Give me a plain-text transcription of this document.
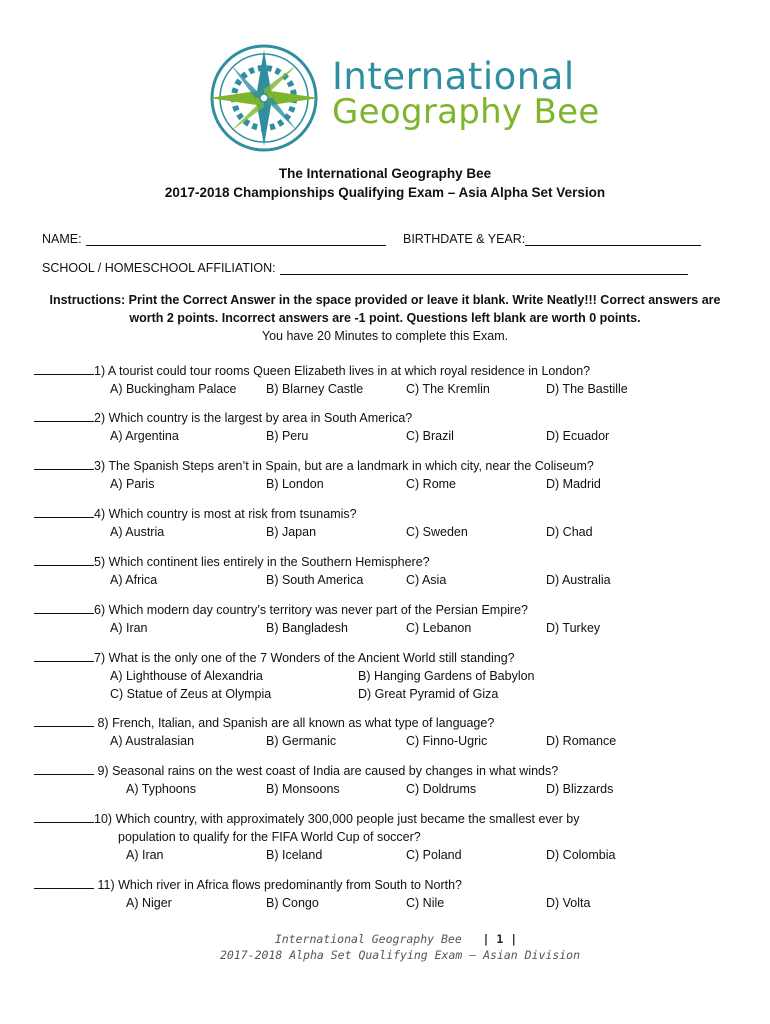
International
Geography Bee
The International Geography Bee
2017-2018 Championships Qualifying Exam – Asia Alpha Set Version
NAME:	BIRTHDATE & YEAR:
SCHOOL / HOMESCHOOL AFFILIATION:
Instructions: Print the Correct Answer in the space provided or leave it blank. Write Neatly!!! Correct answers are worth 2 points. Incorrect answers are -1 point. Questions left blank are worth 0 points.
You have 20 Minutes to complete this Exam.
1) A tourist could tour rooms Queen Elizabeth lives in at which royal residence in London?
A) Buckingham Palace B) Blarney Castle	C) The Kremlin	D) The Bastille
2) Which country is the largest by area in South America?
A) Argentina	B) Peru	C) Brazil	D) Ecuador
3) The Spanish Steps aren’t in Spain, but are a landmark in which city, near the Coliseum?
A) Paris	B) London	C) Rome	D) Madrid
4) Which country is most at risk from tsunamis?
A) Austria	B) Japan	C) Sweden	D) Chad
5) Which continent lies entirely in the Southern Hemisphere?
A) Africa	B) South America	C) Asia	D) Australia
6) Which modern day country’s territory was never part of the Persian Empire?
A) Iran	B) Bangladesh	C) Lebanon	D) Turkey
7) What is the only one of the 7 Wonders of the Ancient World still standing?
A) Lighthouse of Alexandria	B) Hanging Gardens of Babylon
C) Statue of Zeus at Olympia	D) Great Pyramid of Giza
8) French, Italian, and Spanish are all known as what type of language?
A) Australasian	B) Germanic	C) Finno-Ugric	D) Romance
9) Seasonal rains on the west coast of India are caused by changes in what winds?
A) Typhoons	B) Monsoons	C) Doldrums	D) Blizzards
10) Which country, with approximately 300,000 people just became the smallest ever by
population to qualify for the FIFA World Cup of soccer?
A) Iran	B) Iceland	C) Poland	D) Colombia
11) Which river in Africa flows predominantly from South to North?
A) Niger	B) Congo	C) Nile	D) Volta
International Geography Bee | 1 |
2017-2018 Alpha Set Qualifying Exam – Asian Division
